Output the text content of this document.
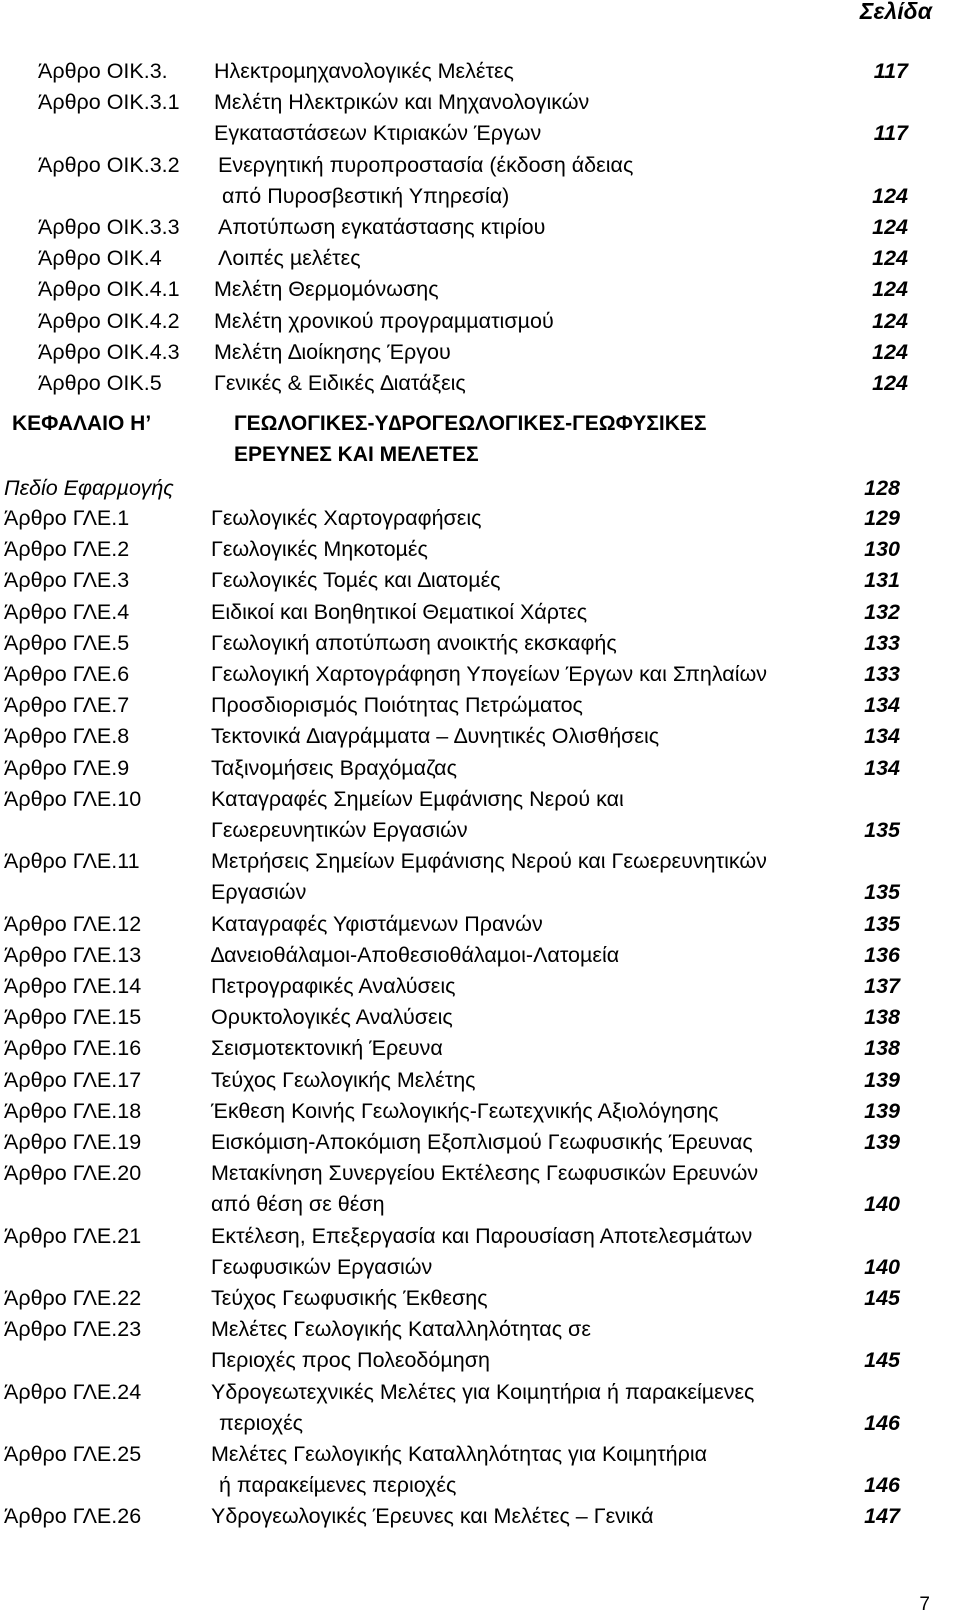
Σελίδα
Άρθρο ΟΙΚ.3. Ηλεκτροµηχανολογικές Μελέτες	117
Άρθρο ΟΙΚ.3.1 Μελέτη Ηλεκτρικών και Μηχανολογικών
Εγκαταστάσεων Κτιριακών Έργων	117
Άρθρο ΟΙΚ.3.2 Ενεργητική πυροπροστασία (έκδοση άδειας
από Πυροσβεστική Υπηρεσία)	124
Άρθρο ΟΙΚ.3.3 Αποτύπωση εγκατάστασης κτιρίου	124
Άρθρο ΟΙΚ.4	Λοιπές µελέτες	124
Άρθρο ΟΙΚ.4.1 Μελέτη Θερµοµόνωσης	124
Άρθρο ΟΙΚ.4.2 Μελέτη χρονικού προγραµµατισµού	124
Άρθρο ΟΙΚ.4.3 Μελέτη ∆ιοίκησης Έργου	124
Άρθρο ΟΙΚ.5 Γενικές & Ειδικές ∆ιατάξεις	124
Άρθρο ΓΛΕ.1	Γεωλογικές Χαρτογραφήσεις	129
Άρθρο ΓΛΕ.2	Γεωλογικές Μηκοτοµές	130
Άρθρο ΓΛΕ.3	Γεωλογικές Τοµές και ∆ιατοµές	131
Άρθρο ΓΛΕ.4	Ειδικοί και Βοηθητικοί Θεµατικοί Χάρτες	132
Άρθρο ΓΛΕ.5	Γεωλογική αποτύπωση ανοικτής εκσκαφής	133
Άρθρο ΓΛΕ.6	Γεωλογική Χαρτογράφηση Υπογείων Έργων και Σπηλαίων	133
Άρθρο ΓΛΕ.7	Προσδιορισµός Ποιότητας Πετρώµατος	134
Άρθρο ΓΛΕ.8	Τεκτονικά ∆ιαγράµµατα – ∆υνητικές Ολισθήσεις	134
Άρθρο ΓΛΕ.9	Ταξινοµήσεις Βραχόµαζας	134
Άρθρο ΓΛΕ.10	Καταγραφές Σηµείων Εµφάνισης Νερού και
Γεωερευνητικών Εργασιών	135
Άρθρο ΓΛΕ.11	Μετρήσεις Σηµείων Εµφάνισης Νερού και Γεωερευνητικών
Εργασιών	135
Άρθρο ΓΛΕ.12	Καταγραφές Υφιστάµενων Πρανών	135
Άρθρο ΓΛΕ.13	∆ανειοθάλαµοι-Αποθεσιοθάλαµοι-Λατοµεία	136
Άρθρο ΓΛΕ.14	Πετρογραφικές Αναλύσεις	137
Άρθρο ΓΛΕ.15	Ορυκτολογικές Αναλύσεις	138
Άρθρο ΓΛΕ.16	Σεισµοτεκτονική Έρευνα	138
Άρθρο ΓΛΕ.17	Τεύχος Γεωλογικής Μελέτης	139
Άρθρο ΓΛΕ.18	Έκθεση Κοινής Γεωλογικής-Γεωτεχνικής Αξιολόγησης	139
Άρθρο ΓΛΕ.19	Εισκόµιση-Αποκόµιση Εξοπλισµού Γεωφυσικής Έρευνας	139
Άρθρο ΓΛΕ.20	Μετακίνηση Συνεργείου Εκτέλεσης Γεωφυσικών Ερευνών
από θέση σε θέση	140
Άρθρο ΓΛΕ.21	Εκτέλεση, Επεξεργασία και Παρουσίαση Αποτελεσµάτων
Γεωφυσικών Εργασιών	140
Άρθρο ΓΛΕ.22	Τεύχος Γεωφυσικής Έκθεσης	145
Άρθρο ΓΛΕ.23	Μελέτες Γεωλογικής Καταλληλότητας σε
Περιοχές προς Πολεοδόµηση	145
Άρθρο ΓΛΕ.24	Υδρογεωτεχνικές Μελέτες για Κοιµητήρια ή παρακείµενες
περιοχές	146
Άρθρο ΓΛΕ.25	Μελέτες Γεωλογικής Καταλληλότητας για Κοιµητήρια
ή παρακείµενες περιοχές	146
Άρθρο ΓΛΕ.26	Υδρογεωλογικές Έρευνες και Μελέτες – Γενικά	147
ΚΕΦΑΛΑΙΟ Η’	ΓΕΩΛΟΓΙΚΕΣ-Υ∆ΡΟΓΕΩΛΟΓΙΚΕΣ-ΓΕΩΦΥΣΙΚΕΣ
ΕΡΕΥΝΕΣ ΚΑΙ ΜΕΛΕΤΕΣ
Πεδίο Εφαρµογής	128
7
